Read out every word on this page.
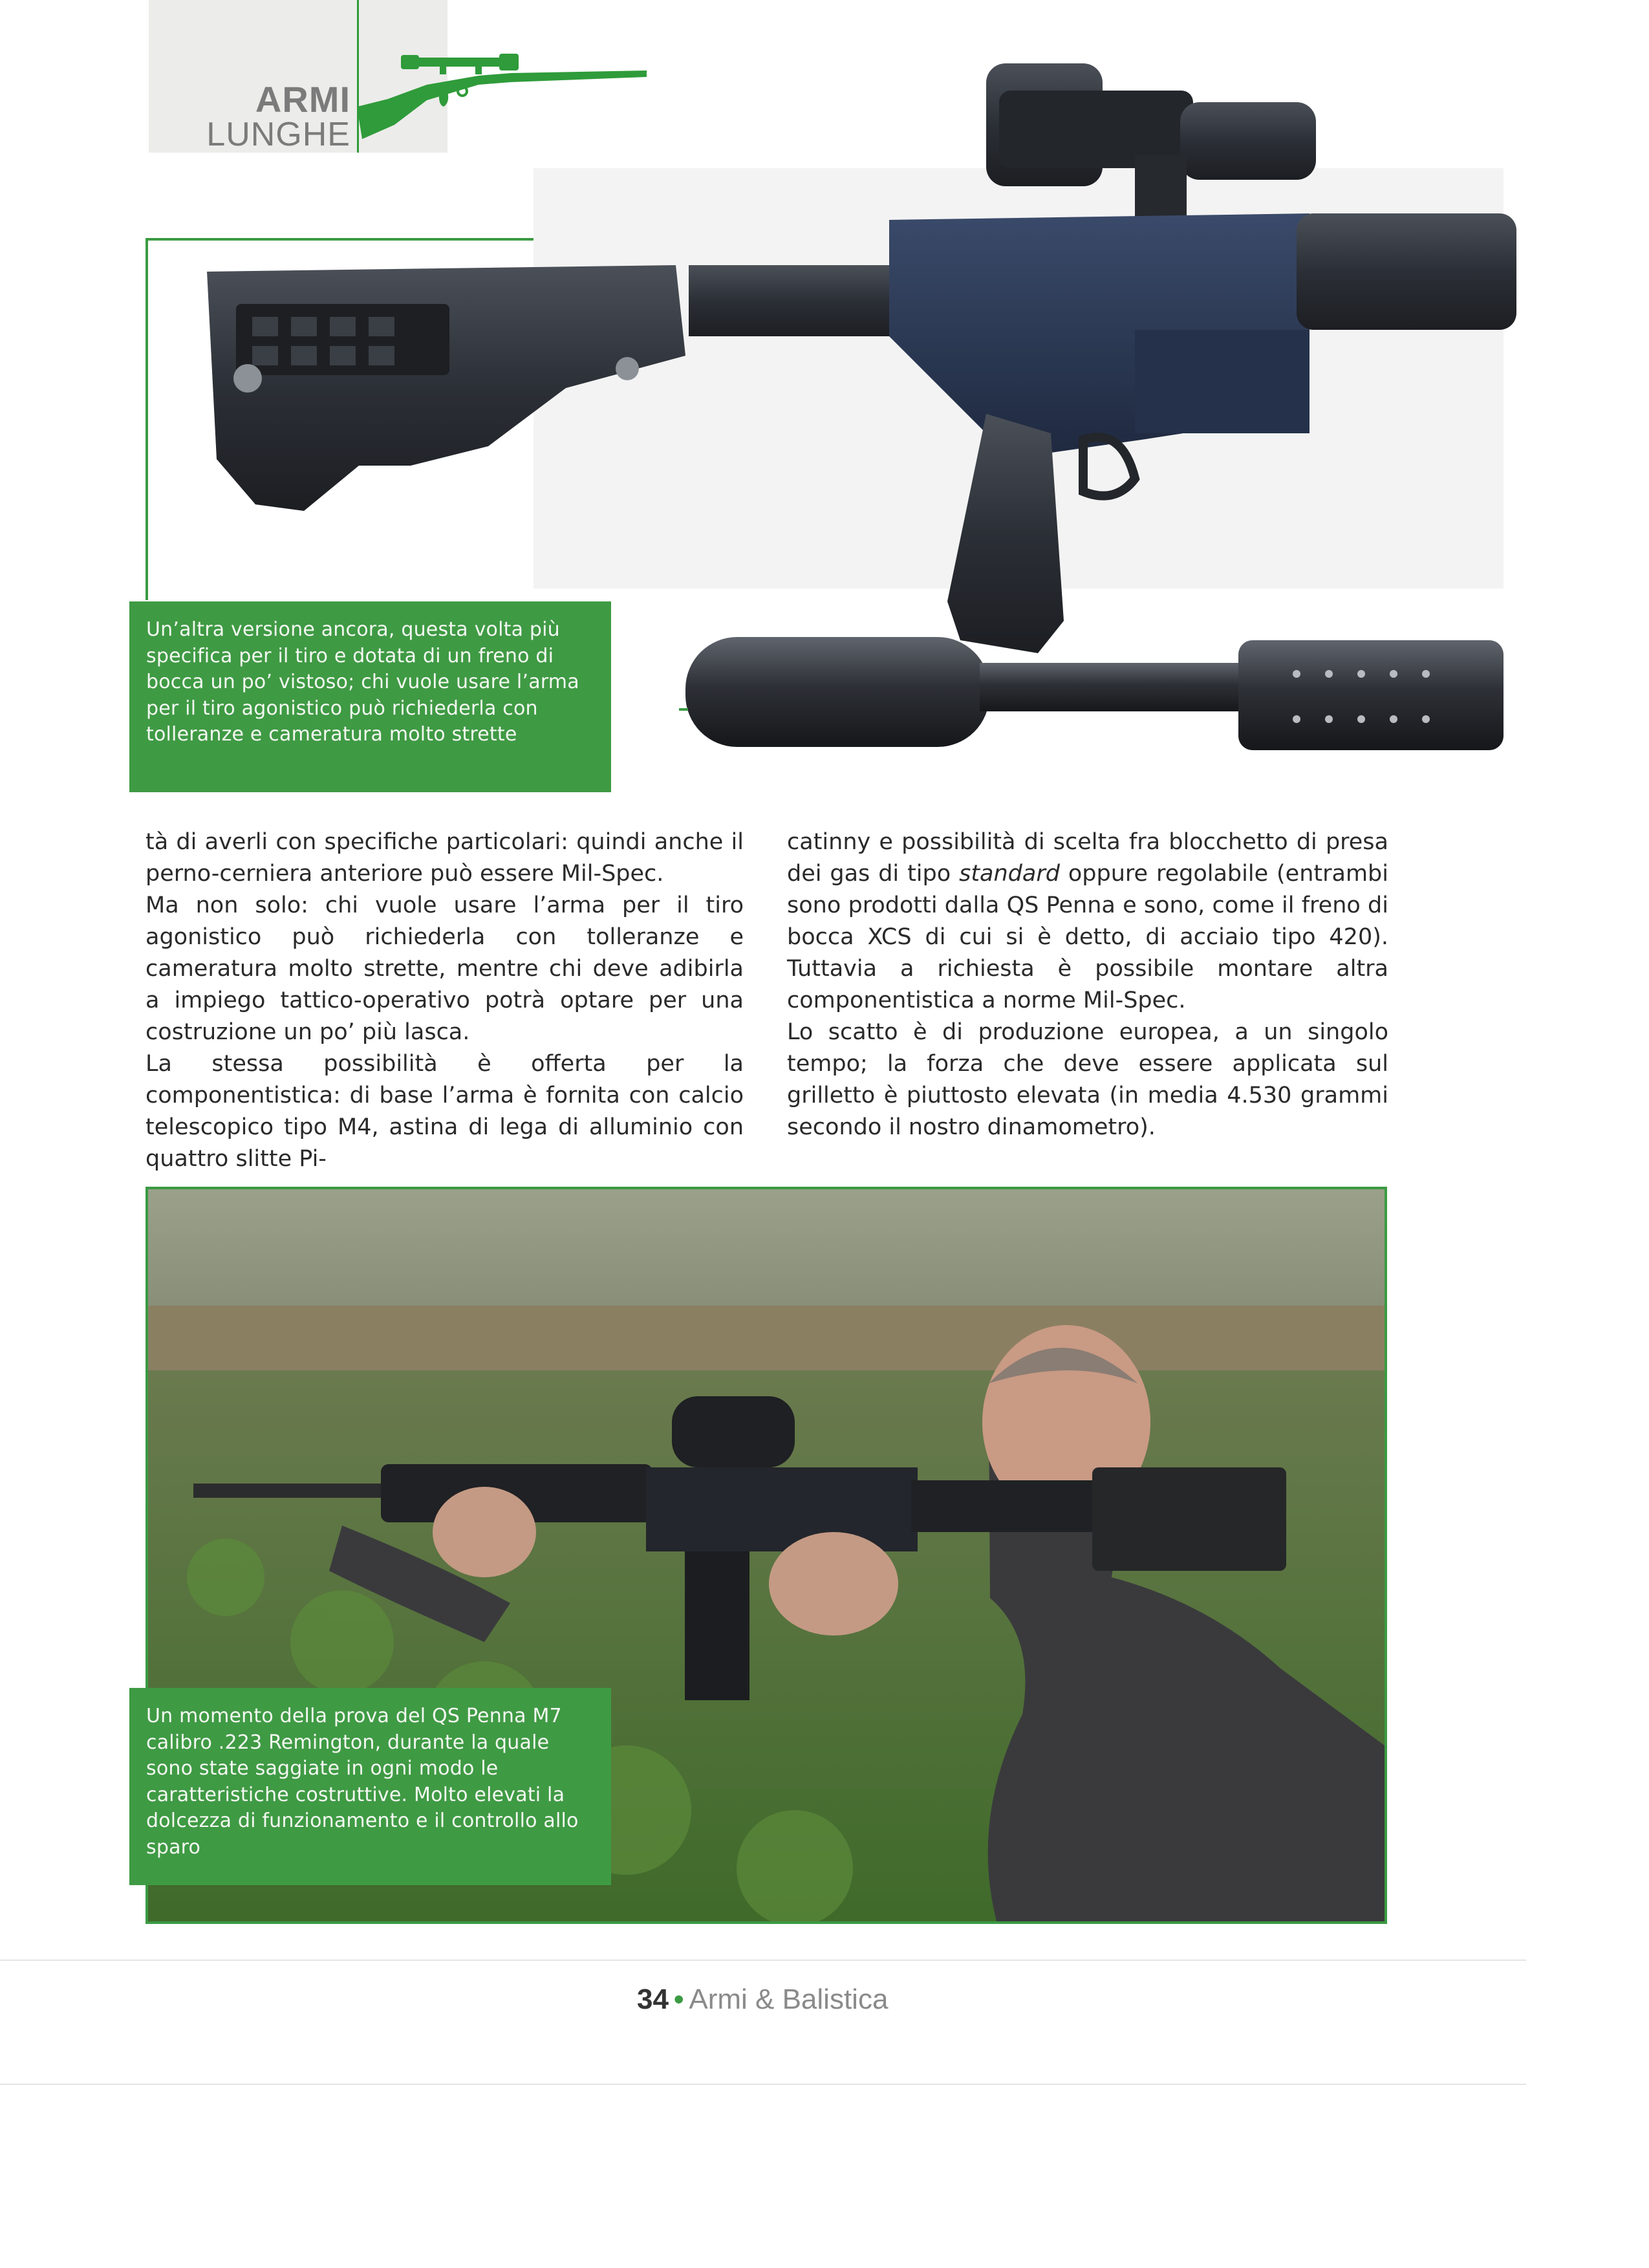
ARMI
LUNGHE
Un’altra versione ancora, questa volta più specifica per il tiro e dotata di un freno di bocca un po’ vistoso; chi vuole usare l’arma per il tiro agonistico può richiederla con tolleranze e cameratura molto strette

tà di averli con specifiche particolari: quindi anche il perno-cerniera anteriore può essere Mil-Spec.

Ma non solo: chi vuole usare l’arma per il tiro agonistico può richiederla con tolleranze e cameratura molto strette, mentre chi deve adibirla a impiego tattico-operativo potrà optare per una costruzione un po’ più lasca.

La stessa possibilità è offerta per la componentistica: di base l’arma è fornita con calcio telescopico tipo M4, astina di lega di alluminio con quattro slitte Pi-

catinny e possibilità di scelta fra blocchetto di presa dei gas di tipo standard oppure regolabile (entrambi sono prodotti dalla QS Penna e sono, come il freno di bocca XCS di cui si è detto, di acciaio tipo 420). Tuttavia a richiesta è possibile montare altra componentistica a norme Mil-Spec.

Lo scatto è di produzione europea, a un singolo tempo; la forza che deve essere applicata sul grilletto è piuttosto elevata (in media 4.530 grammi secondo il nostro dinamometro).

Un momento della prova del QS Penna M7 calibro .223 Remington, durante la quale sono state saggiate in ogni modo le caratteristiche costruttive. Molto elevati la dolcezza di funzionamento e il controllo allo sparo
34 • Armi & Balistica
